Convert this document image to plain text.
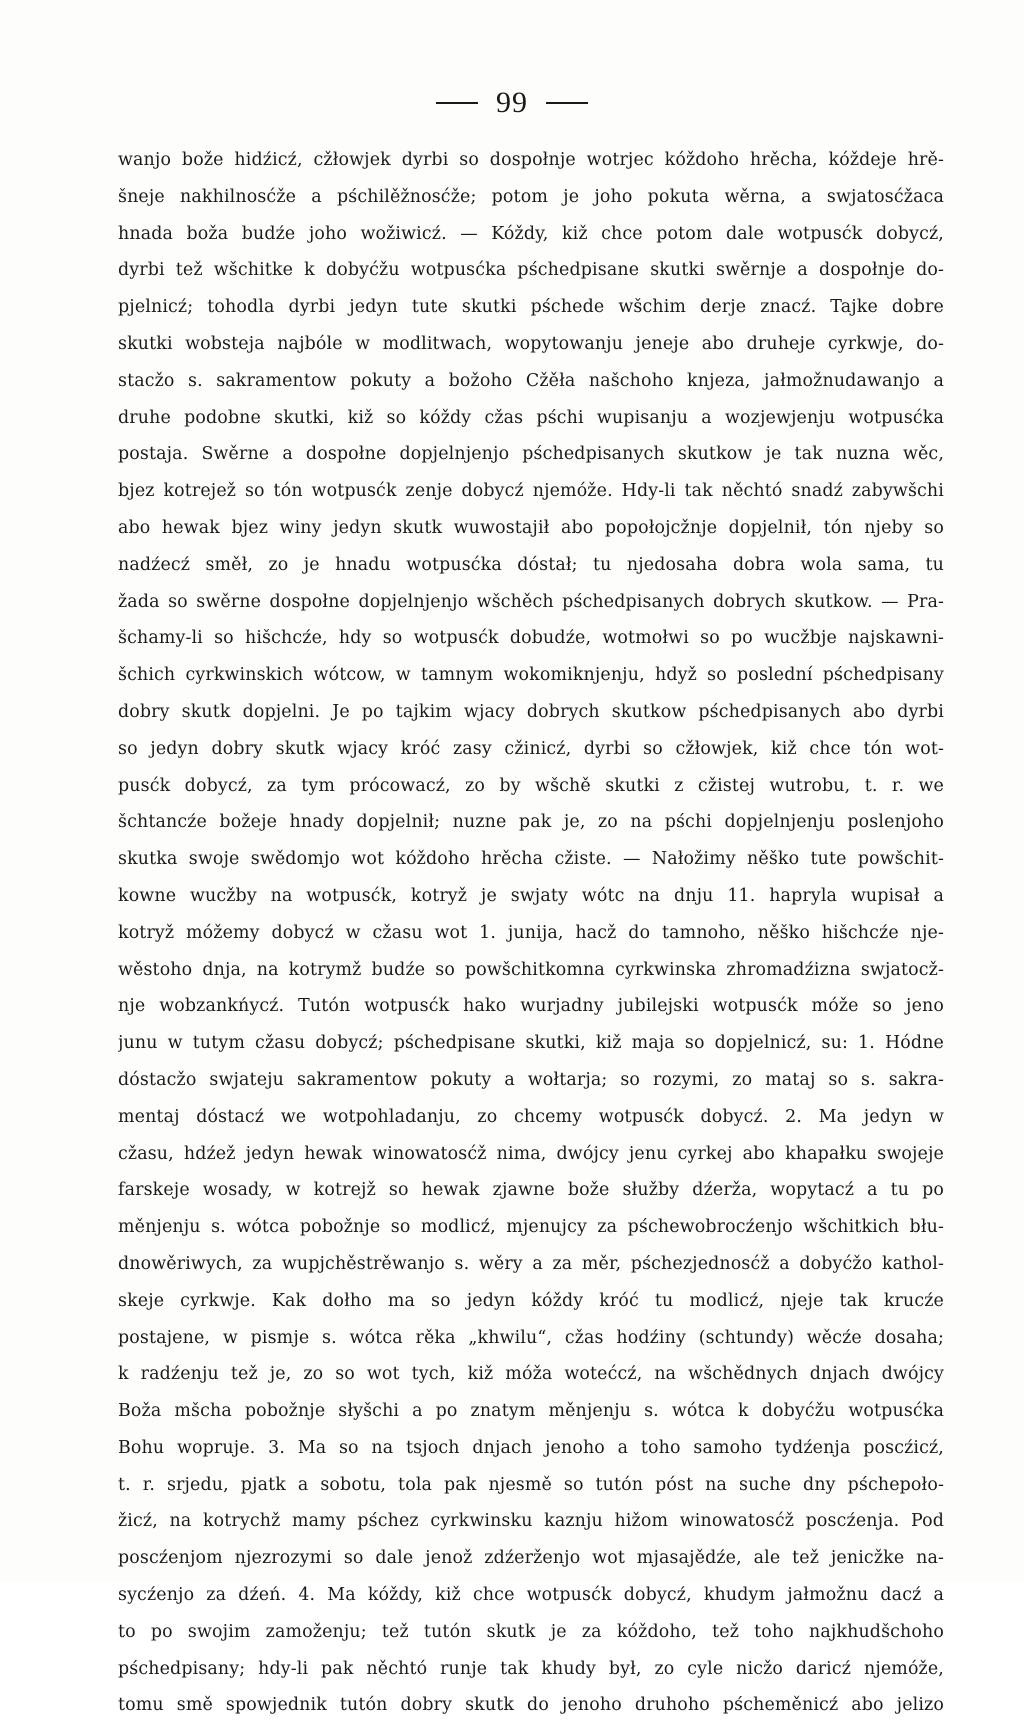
99
wanjo bože hidźicź, cžłowjek dyrbi so dospołnje wotrjec kóždoho hrěcha, kóždeje hrě-
šneje nakhilnosćže a pśchilěžnosćže; potom je joho pokuta wěrna, a swjatosćžaca
hnada boža budźe joho wožiwicź. — Kóždy, kiž chce potom dale wotpusćk dobycź,
dyrbi tež wšchitke k dobyćžu wotpusćka pśchedpisane skutki swěrnje a dospołnje do-
pjelnicź; tohodla dyrbi jedyn tute skutki pśchede wšchim derje znacź. Tajke dobre
skutki wobsteja najbóle w modlitwach, wopytowanju jeneje abo druheje cyrkwje, do-
stacžo s. sakramentow pokuty a božoho Cžěła našchoho knjeza, jałmožnudawanjo a
druhe podobne skutki, kiž so kóždy cžas pśchi wupisanju a wozjewjenju wotpusćka
postaja. Swěrne a dospołne dopjelnjenjo pśchedpisanych skutkow je tak nuzna wěc,
bjez kotrejež so tón wotpusćk zenje dobycź njemóže. Hdy-li tak něchtó snadź zabywšchi
abo hewak bjez winy jedyn skutk wuwostajił abo popołojcžnje dopjelnił, tón njeby so
nadźecź směł, zo je hnadu wotpusćka dóstał; tu njedosaha dobra wola sama, tu
žada so swěrne dospołne dopjelnjenjo wšchěch pśchedpisanych dobrych skutkow. — Pra-
šchamy-li so hišchcźe, hdy so wotpusćk dobudźe, wotmołwi so po wucžbje najskawni-
šchich cyrkwinskich wótcow, w tamnym wokomiknjenju, hdyž so poslední pśchedpisany
dobry skutk dopjelni. Je po tajkim wjacy dobrych skutkow pśchedpisanych abo dyrbi
so jedyn dobry skutk wjacy króć zasy cžinicź, dyrbi so cžłowjek, kiž chce tón wot-
pusćk dobycź, za tym prócowacź, zo by wšchě skutki z cžistej wutrobu, t. r. we
šchtancźe božeje hnady dopjelnił; nuzne pak je, zo na pśchi dopjelnjenju poslenjoho
skutka swoje swědomjo wot kóždoho hrěcha cžiste. — Nałožimy něško tute powšchit-
kowne wucžby na wotpusćk, kotryž je swjaty wótc na dnju 11. hapryla wupisał a
kotryž móžemy dobycź w cžasu wot 1. junija, hacž do tamnoho, něško hišchcźe nje-
wěstoho dnja, na kotrymž budźe so powšchitkomna cyrkwinska zhromadźizna swjatocž-
nje wobzankńycź. Tutón wotpusćk hako wurjadny jubilejski wotpusćk móže so jeno
junu w tutym cžasu dobycź; pśchedpisane skutki, kiž maja so dopjelnicź, su: 1. Hódne
dóstacžo swjateju sakramentow pokuty a wołtarja; so rozymi, zo mataj so s. sakra-
mentaj dóstacź we wotpohladanju, zo chcemy wotpusćk dobycź. 2. Ma jedyn w
cžasu, hdźež jedyn hewak winowatosćž nima, dwójcy jenu cyrkej abo khapałku swojeje
farskeje wosady, w kotrejž so hewak zjawne bože słužby dźerža, wopytacź a tu po
měnjenju s. wótca pobožnje so modlicź, mjenujcy za pśchewobrocźenjo wšchitkich błu-
dnowěriwych, za wupjchěstrěwanjo s. wěry a za měr, pśchezjednosćž a dobyćžo kathol-
skeje cyrkwje. Kak dołho ma so jedyn kóždy króć tu modlicź, njeje tak krucźe
postajene, w pismje s. wótca rěka „khwilu“, cžas hodźiny (schtundy) wěcźe dosaha;
k radźenju tež je, zo so wot tych, kiž móža wotećcź, na wšchědnych dnjach dwójcy
Boža mšcha pobožnje słyšchi a po znatym měnjenju s. wótca k dobyćžu wotpusćka
Bohu wopruje. 3. Ma so na tsjoch dnjach jenoho a toho samoho tydźenja poscźicź,
t. r. srjedu, pjatk a sobotu, tola pak njesmě so tutón póst na suche dny pśchepoło-
žicź, na kotrychž mamy pśchez cyrkwinsku kaznju hižom winowatosćž poscźenja. Pod
poscźenjom njezrozymi so dale jenož zdźerženjo wot mjasajědźe, ale tež jenicžke na-
sycźenjo za dźeń. 4. Ma kóždy, kiž chce wotpusćk dobycź, khudym jałmožnu dacź a
to po swojim zamoženju; tež tutón skutk je za kóždoho, tež toho najkhudšchoho
pśchedpisany; hdy-li pak něchtó runje tak khudy był, zo cyle nicžo daricź njemóže,
tomu smě spowjednik tutón dobry skutk do jenoho druhoho pścheměnicź abo jelizo
